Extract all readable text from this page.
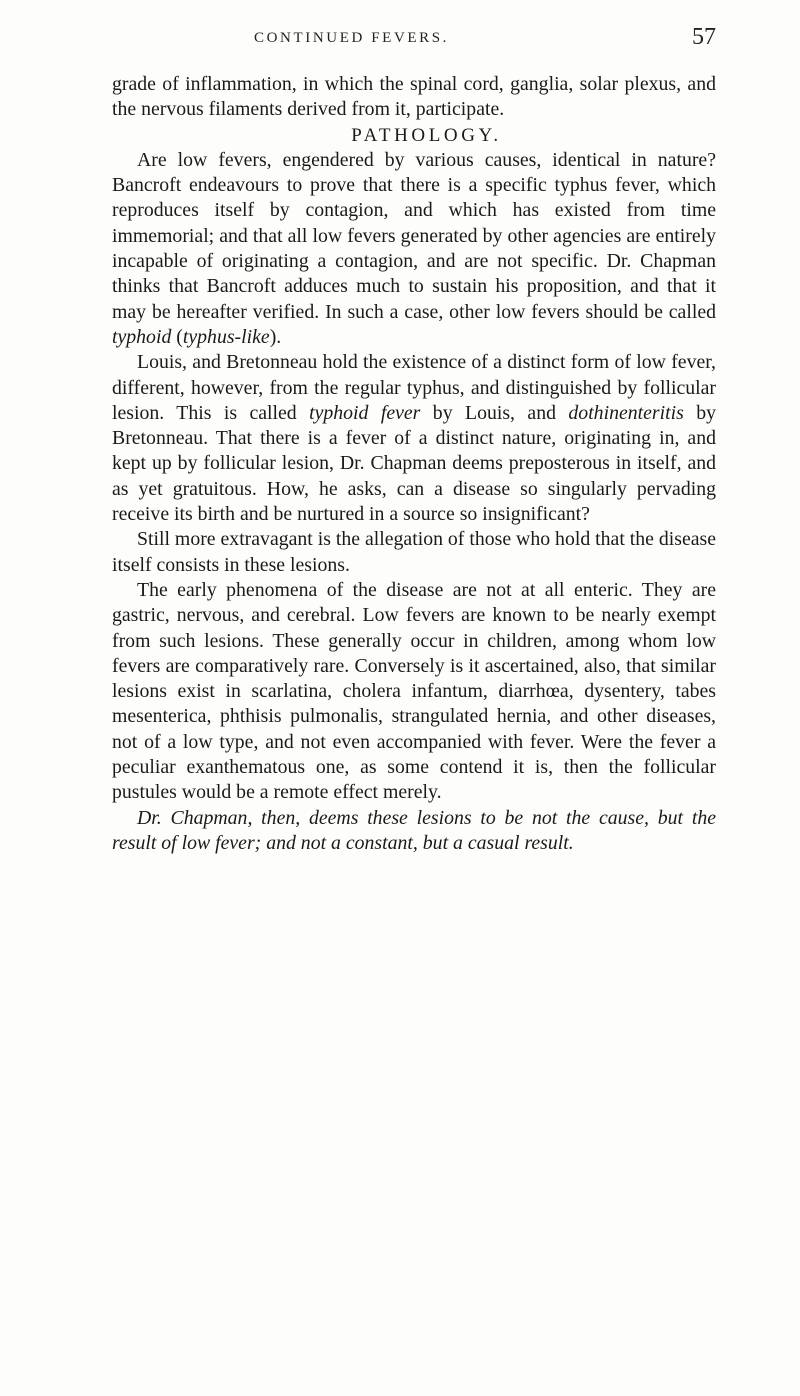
CONTINUED FEVERS.	57

grade of inflammation, in which the spinal cord, ganglia, solar plexus, and the nervous filaments derived from it, participate.

PATHOLOGY.

Are low fevers, engendered by various causes, identical in nature? Bancroft endeavours to prove that there is a specific typhus fever, which reproduces itself by contagion, and which has existed from time immemorial; and that all low fevers generated by other agencies are entirely incapable of originating a contagion, and are not specific. Dr. Chapman thinks that Bancroft adduces much to sustain his proposition, and that it may be hereafter verified. In such a case, other low fevers should be called typhoid (typhus-like).

Louis, and Bretonneau hold the existence of a distinct form of low fever, different, however, from the regular typhus, and distinguished by follicular lesion. This is called typhoid fever by Louis, and dothinenteritis by Bretonneau. That there is a fever of a distinct nature, originating in, and kept up by follicular lesion, Dr. Chapman deems preposterous in itself, and as yet gratuitous. How, he asks, can a disease so singularly pervading receive its birth and be nurtured in a source so insignificant?

Still more extravagant is the allegation of those who hold that the disease itself consists in these lesions.

The early phenomena of the disease are not at all enteric. They are gastric, nervous, and cerebral. Low fevers are known to be nearly exempt from such lesions. These generally occur in children, among whom low fevers are comparatively rare. Conversely is it ascertained, also, that similar lesions exist in scarlatina, cholera infantum, diarrhœa, dysentery, tabes mesenterica, phthisis pulmonalis, strangulated hernia, and other diseases, not of a low type, and not even accompanied with fever. Were the fever a peculiar exanthematous one, as some contend it is, then the follicular pustules would be a remote effect merely.

Dr. Chapman, then, deems these lesions to be not the cause, but the result of low fever; and not a constant, but a casual result.
